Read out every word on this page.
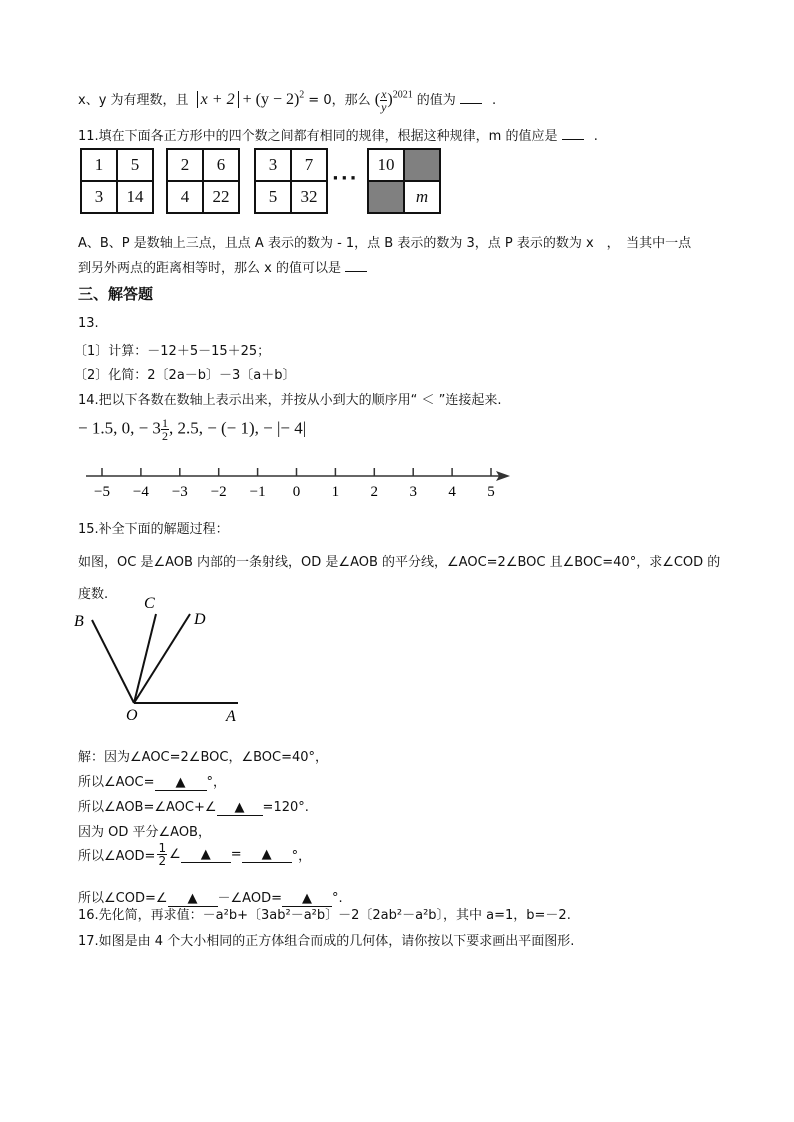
x、y 为有理数，且 $x + 2 + (y - 2)^2 = 0$，那么 ( $\frac{x}{y} )^{2021}$ 的值为	.
11.填在下面各正方形中的四个数之间都有相同的规律，根据这种规律，m 的值应是	.
1	5
3	14
2	6
4	22
3	7
5	32
···
10	
	m
A、B、P 是数轴上三点，且点 A 表示的数为 - 1，点 B 表示的数为 3，点 P 表示的数为 x　，　当其中一点
到另外两点的距离相等时，那么 x 的值可以是
三、解答题
13.
〔1〕计算：－12＋5－15＋25；
〔2〕化简：2〔2a－b〕－3〔a＋b〕
14.把以下各数在数轴上表示出来，并按从小到大的顺序用“ ＜ ”连接起来.
− 1.5, 0, − $3 \frac{1}{2}$ , 2.5, − (− 1), − |− 4|
−5 −4 −3 −2 −1 0 1 2 3 4 5
15.补全下面的解题过程：
如图，OC 是∠AOB 内部的一条射线，OD 是∠AOB 的平分线，∠AOC=2∠BOC 且∠BOC=40°，求∠COD 的
度数.
B
C
D
O	A
解：因为∠AOC=2∠BOC，∠BOC=40°，
所以∠AOC= ▲ °，
所以∠AOB=∠AOC+∠ ▲ =120°.
因为 OD 平分∠AOB，
所以∠AOD= $\frac{1}{2}$ ∠ ▲ = ▲ °，
所以∠COD=∠ ▲ －∠AOD= ▲ °.
16.先化简，再求值：－a²b+〔3ab²－a²b〕－2〔2ab²－a²b〕，其中 a=1，b=－2.
17.如图是由 4 个大小相同的正方体组合而成的几何体，请你按以下要求画出平面图形.
